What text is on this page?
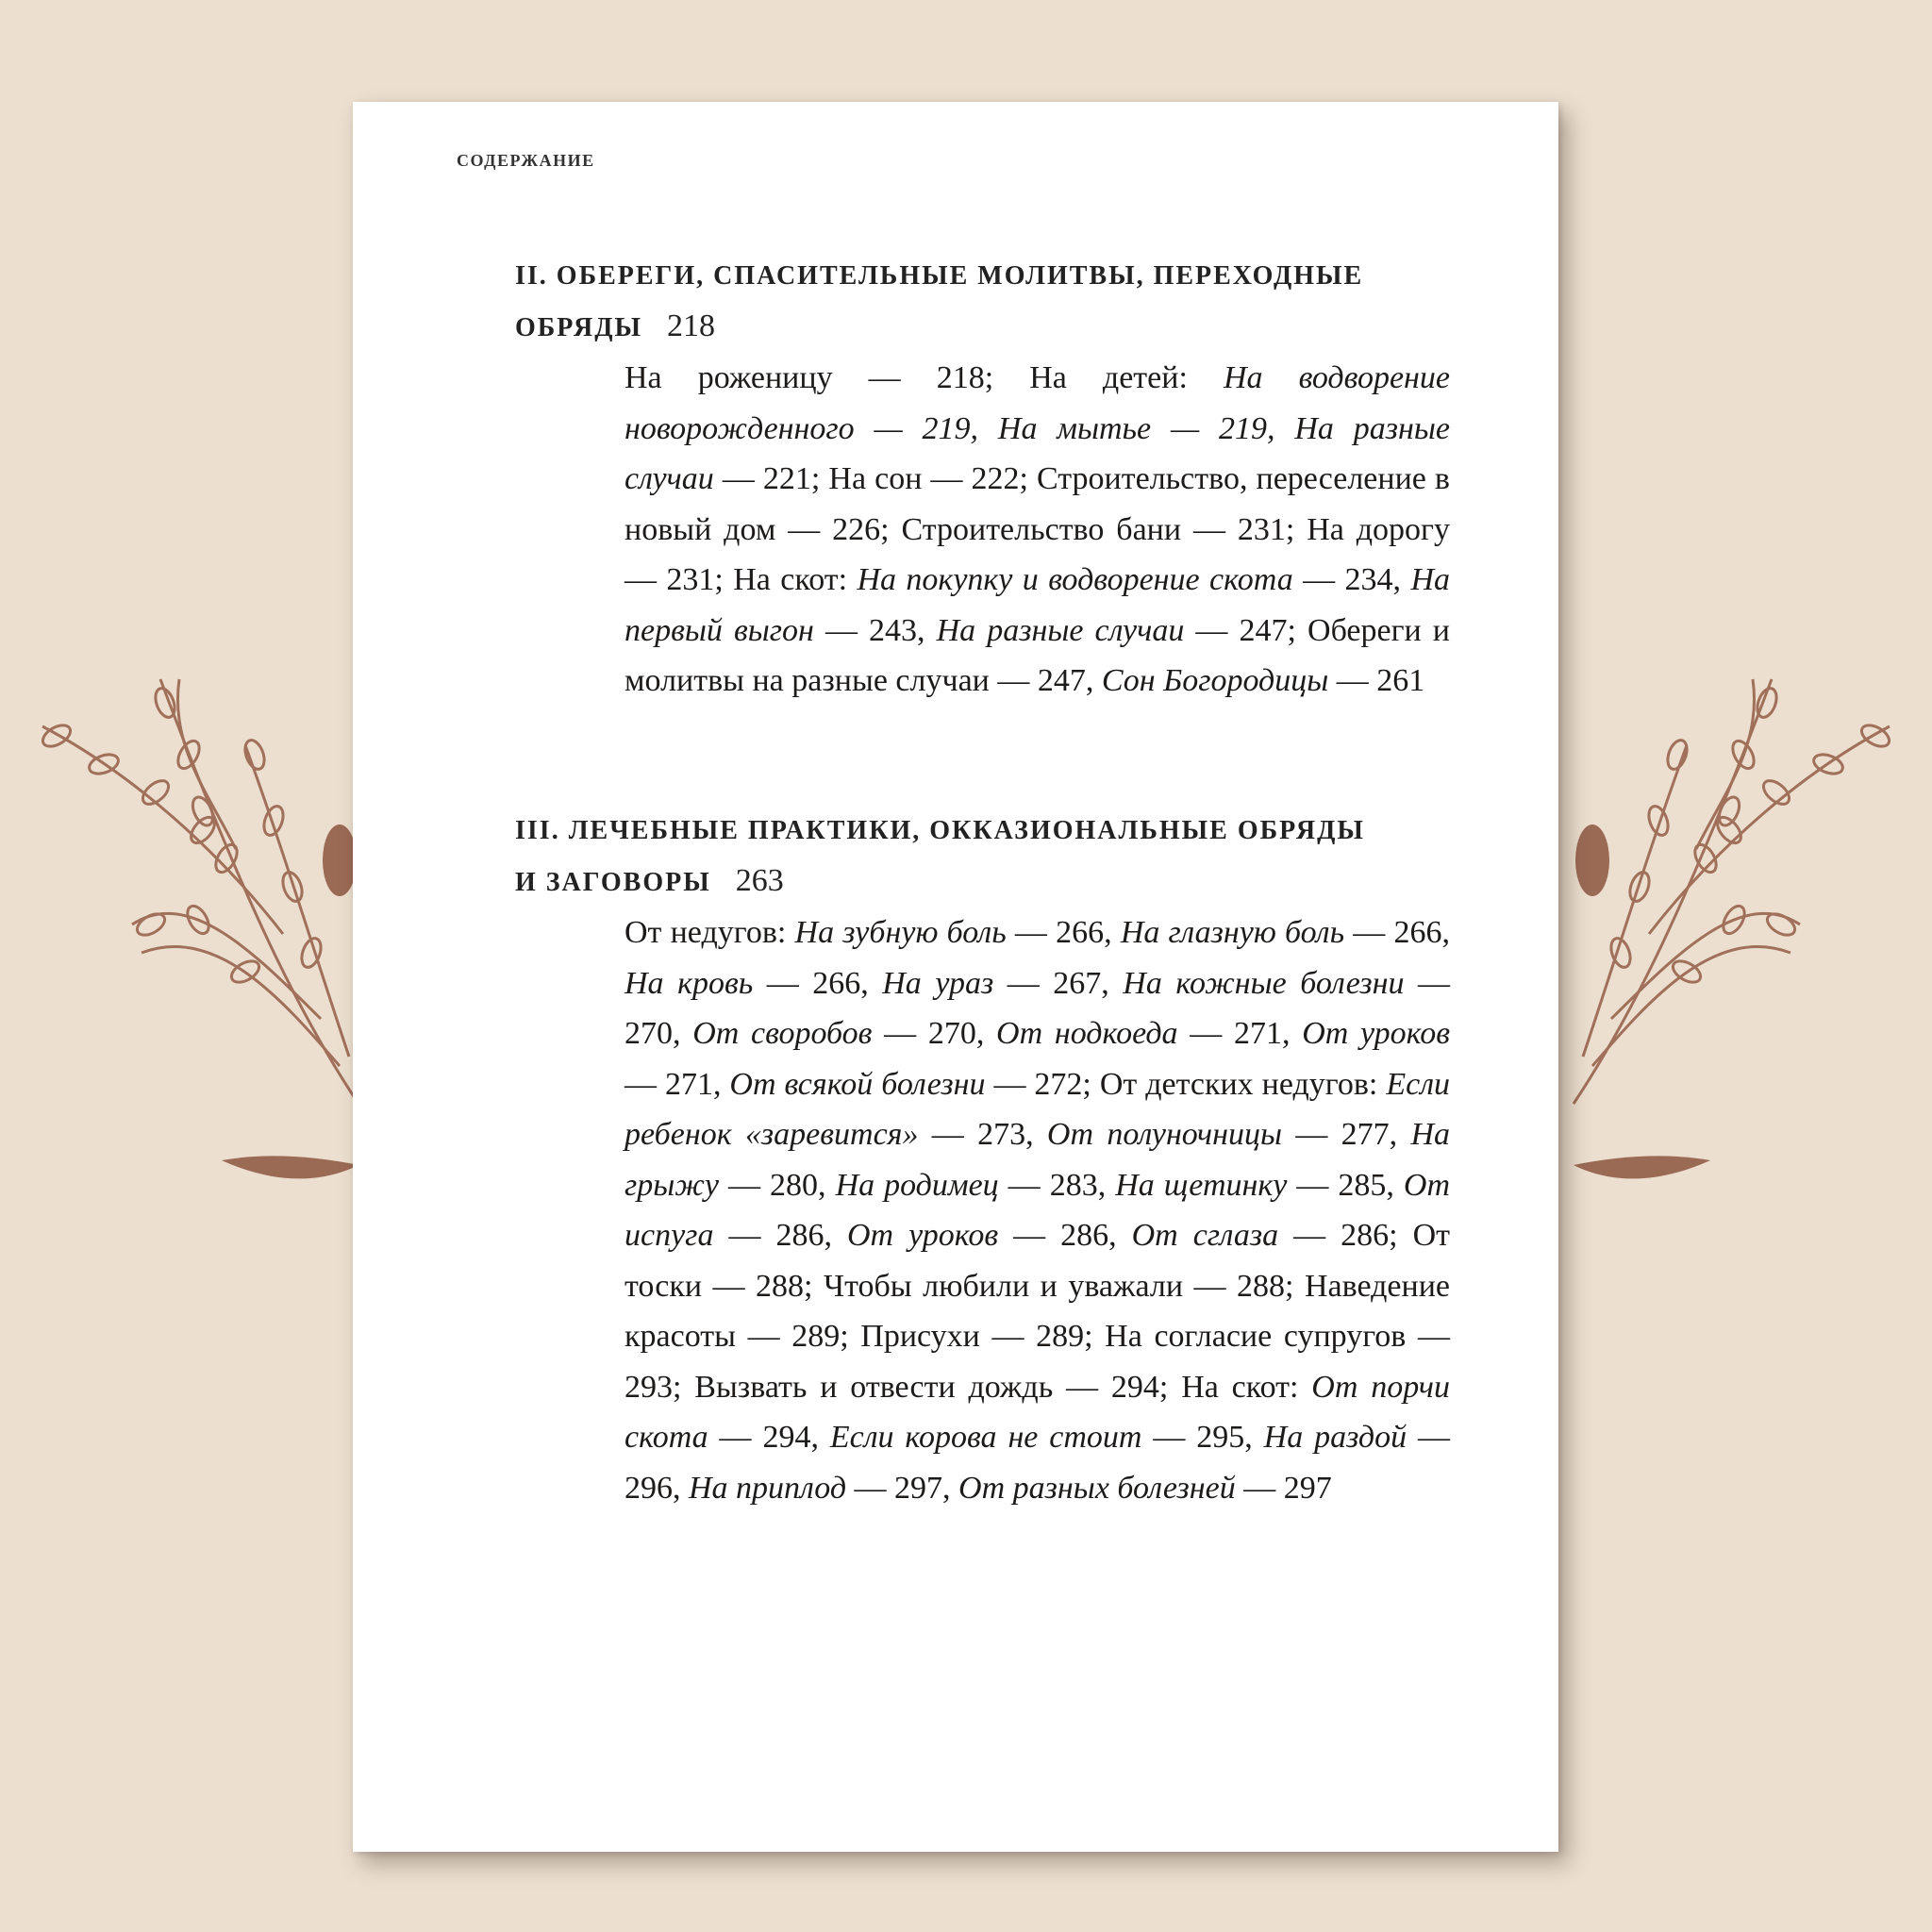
СОДЕРЖАНИЕ
II. ОБЕРЕГИ, СПАСИТЕЛЬНЫЕ МОЛИТВЫ, ПЕРЕХОДНЫЕ
ОБРЯДЫ 218
На роженицу — 218; На детей: На водворение новорожденного — 219, На мытье — 219, На разные случаи — 221; На сон — 222; Строительство, переселение в новый дом — 226; Строительство бани — 231; На дорогу — 231; На скот: На покупку и водворение скота — 234, На первый выгон — 243, На разные случаи — 247; Обереги и молитвы на разные случаи — 247, Сон Богородицы — 261
III. ЛЕЧЕБНЫЕ ПРАКТИКИ, ОККАЗИОНАЛЬНЫЕ ОБРЯДЫ
И ЗАГОВОРЫ 263
От недугов: На зубную боль — 266, На глазную боль — 266, На кровь — 266, На ураз — 267, На кожные болезни — 270, От своробов — 270, От нодкоеда — 271, От уроков — 271, От всякой болезни — 272; От детских недугов: Если ребенок «заревится» — 273, От полуночницы — 277, На грыжу — 280, На родимец — 283, На щетинку — 285, От испуга — 286, От уроков — 286, От сглаза — 286; От тоски — 288; Чтобы любили и уважали — 288; Наведение красоты — 289; Присухи — 289; На согласие супругов — 293; Вызвать и отвести дождь — 294; На скот: От порчи скота — 294, Если корова не стоит — 295, На раздой — 296, На приплод — 297, От разных болезней — 297
